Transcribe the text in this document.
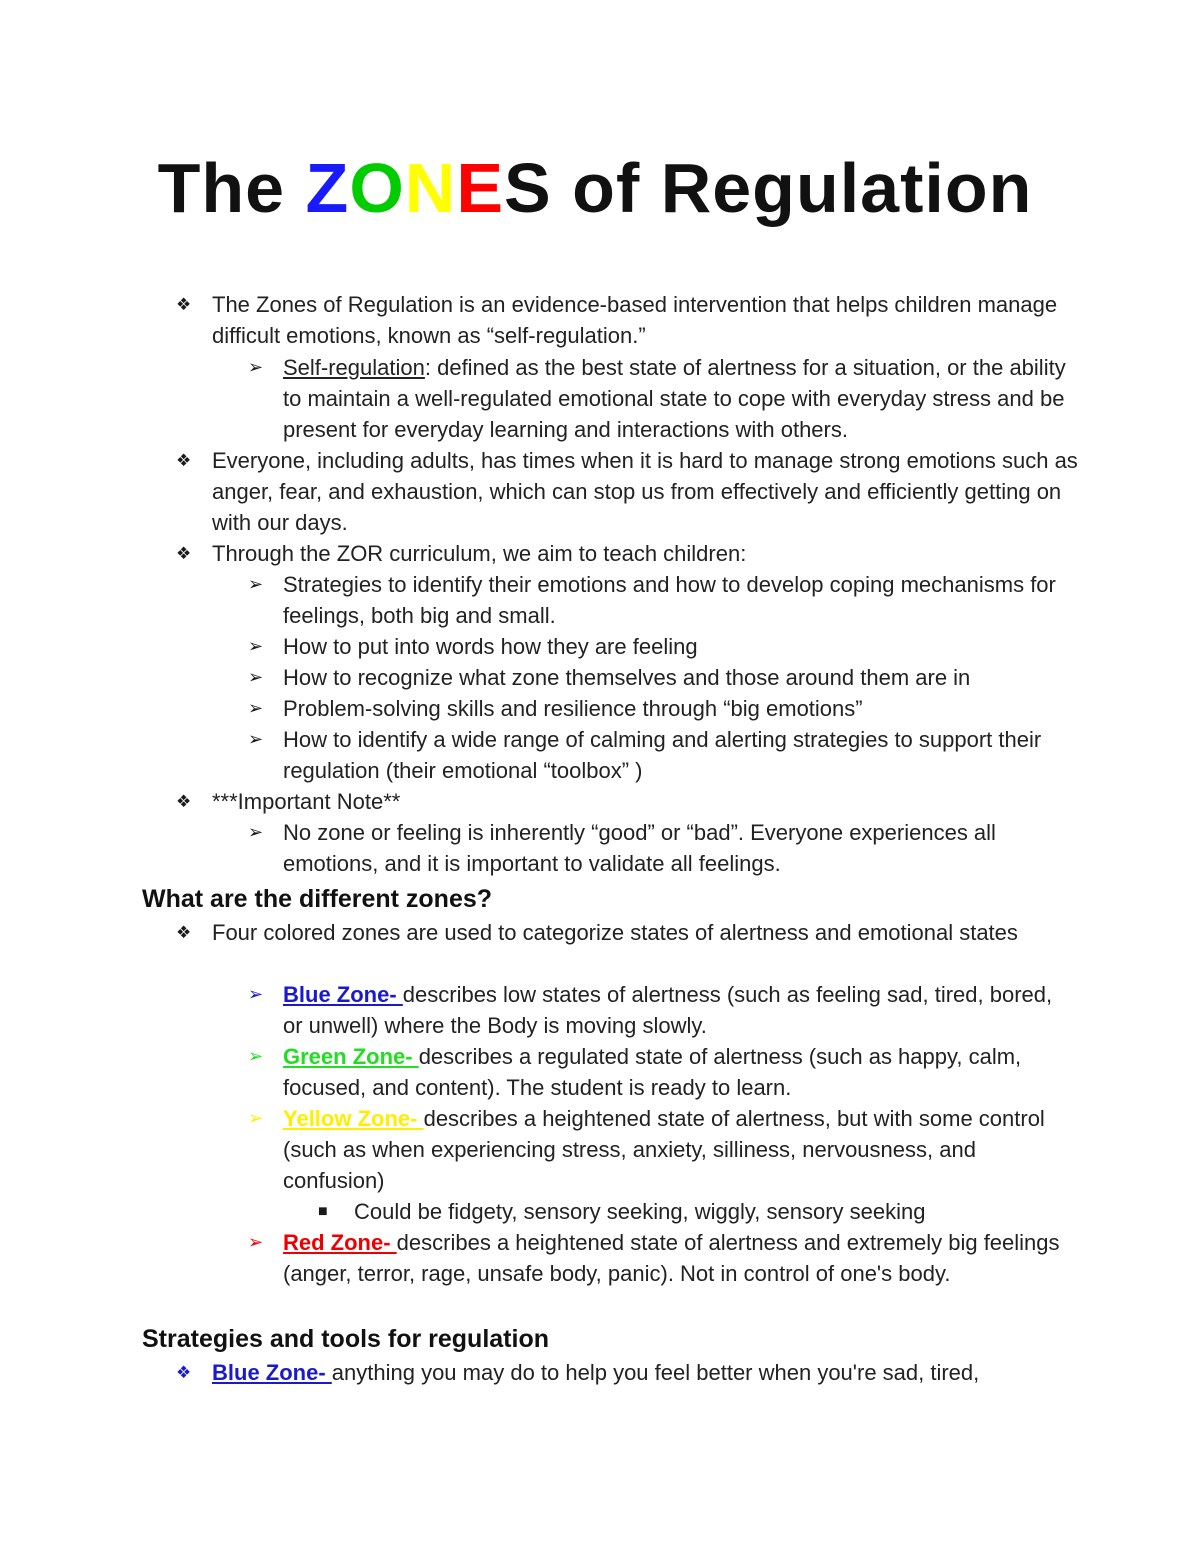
The ZONES of Regulation
❖ The Zones of Regulation is an evidence-based intervention that helps children manage difficult emotions, known as “self-regulation.”
➢ Self-regulation: defined as the best state of alertness for a situation, or the ability to maintain a well-regulated emotional state to cope with everyday stress and be present for everyday learning and interactions with others.
❖ Everyone, including adults, has times when it is hard to manage strong emotions such as anger, fear, and exhaustion, which can stop us from effectively and efficiently getting on with our days.
❖ Through the ZOR curriculum, we aim to teach children:
➢ Strategies to identify their emotions and how to develop coping mechanisms for feelings, both big and small.
➢ How to put into words how they are feeling
➢ How to recognize what zone themselves and those around them are in
➢ Problem-solving skills and resilience through “big emotions”
➢ How to identify a wide range of calming and alerting strategies to support their regulation (their emotional “toolbox” )
❖ ***Important Note**
➢ No zone or feeling is inherently “good” or “bad”. Everyone experiences all emotions, and it is important to validate all feelings.
What are the different zones?
❖ Four colored zones are used to categorize states of alertness and emotional states
➢ Blue Zone- describes low states of alertness (such as feeling sad, tired, bored, or unwell) where the Body is moving slowly.
➢ Green Zone- describes a regulated state of alertness (such as happy, calm, focused, and content). The student is ready to learn.
➢ Yellow Zone- describes a heightened state of alertness, but with some control (such as when experiencing stress, anxiety, silliness, nervousness, and confusion)
■ Could be fidgety, sensory seeking, wiggly, sensory seeking
➢ Red Zone- describes a heightened state of alertness and extremely big feelings (anger, terror, rage, unsafe body, panic). Not in control of one's body.
Strategies and tools for regulation
❖ Blue Zone- anything you may do to help you feel better when you're sad, tired,
